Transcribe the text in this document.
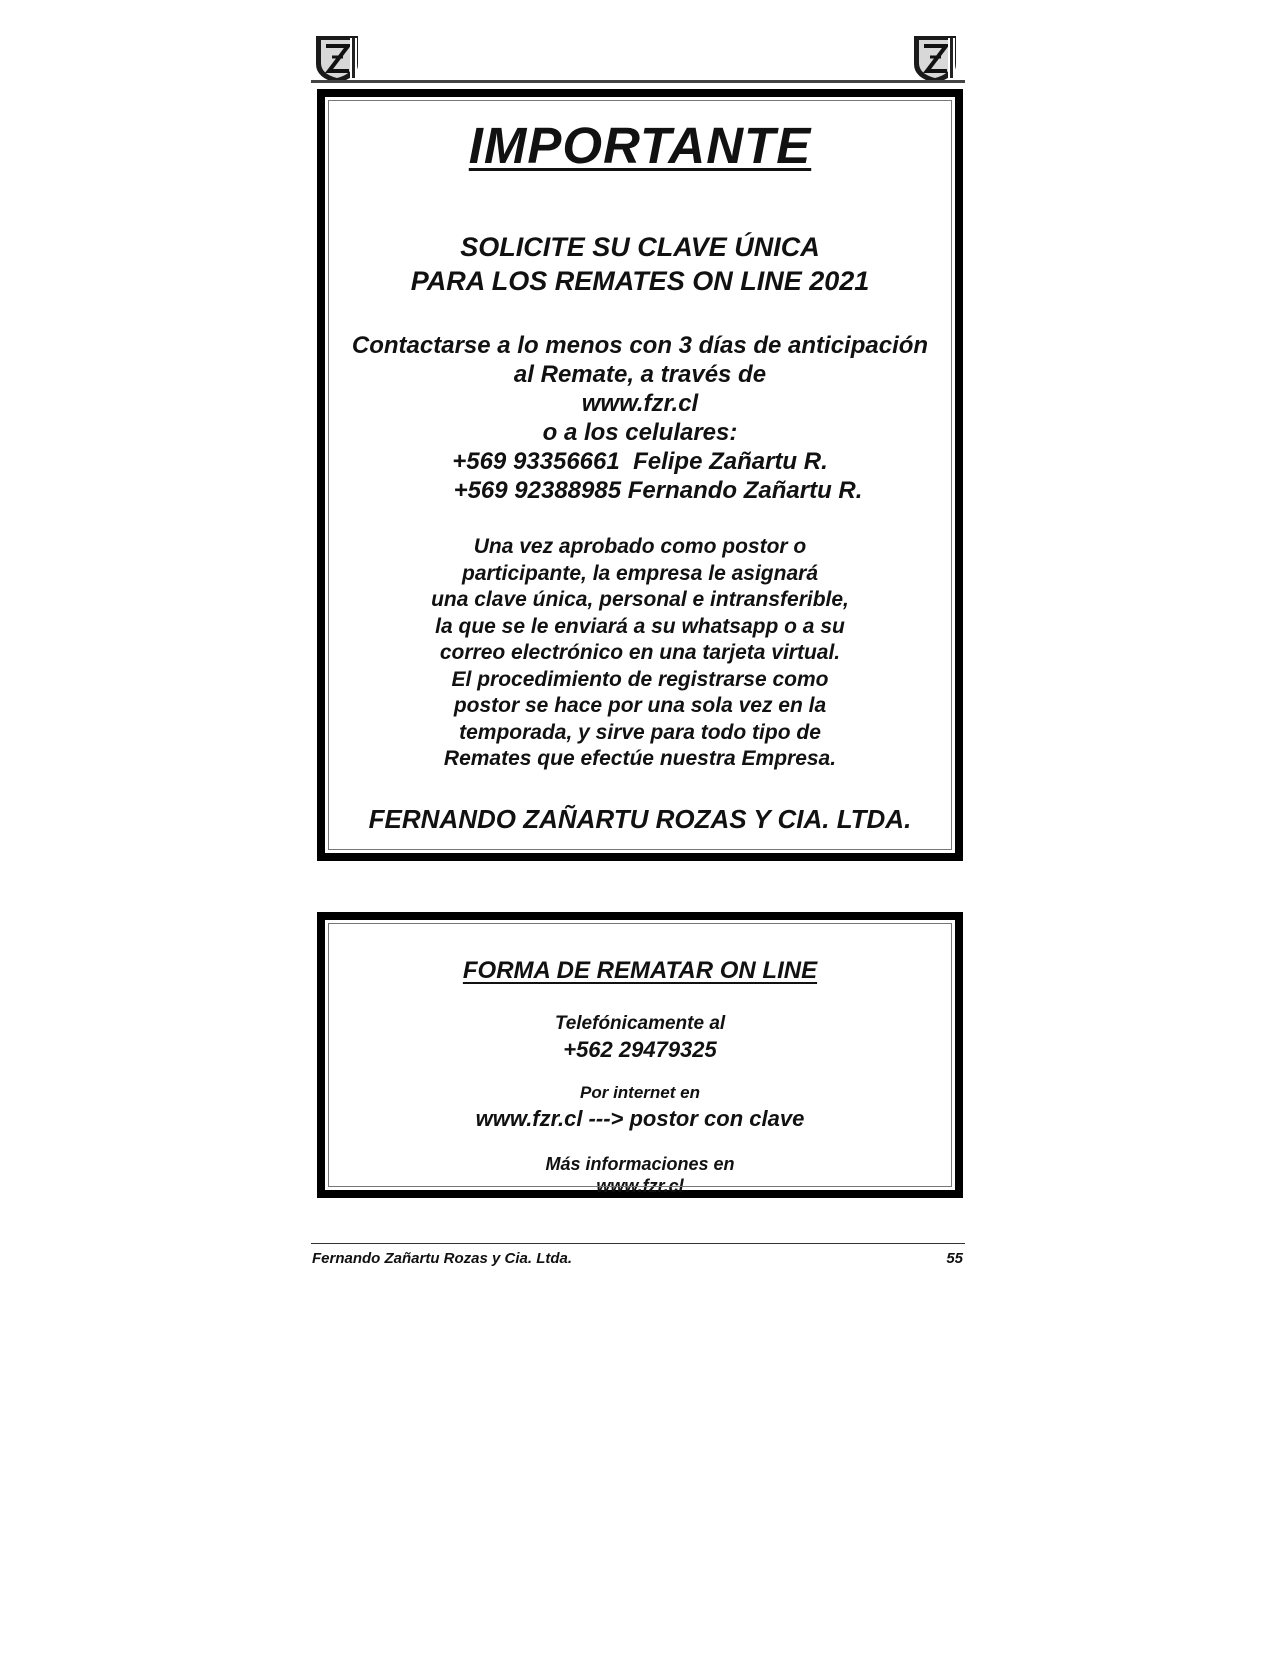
IMPORTANTE
SOLICITE SU CLAVE ÚNICA
PARA LOS REMATES ON LINE 2021
Contactarse a lo menos con 3 días de anticipación
al Remate, a través de
www.fzr.cl
o a los celulares:
+569 93356661  Felipe Zañartu R.
+569 92388985 Fernando Zañartu R.
Una vez aprobado como postor o
participante, la empresa le asignará
una clave única, personal e intransferible,
la que se le enviará a su whatsapp o a su
correo electrónico en una tarjeta virtual.
El procedimiento de registrarse como
postor se hace por una sola vez en la
temporada, y sirve para todo tipo de
Remates que efectúe nuestra Empresa.

FERNANDO ZAÑARTU ROZAS Y CIA. LTDA.

FORMA DE REMATAR ON LINE

Telefónicamente al

+562 29479325

Por internet en

www.fzr.cl ---> postor con clave

Más informaciones en

www.fzr.cl

Fernando Zañartu Rozas y Cia. Ltda.	55
